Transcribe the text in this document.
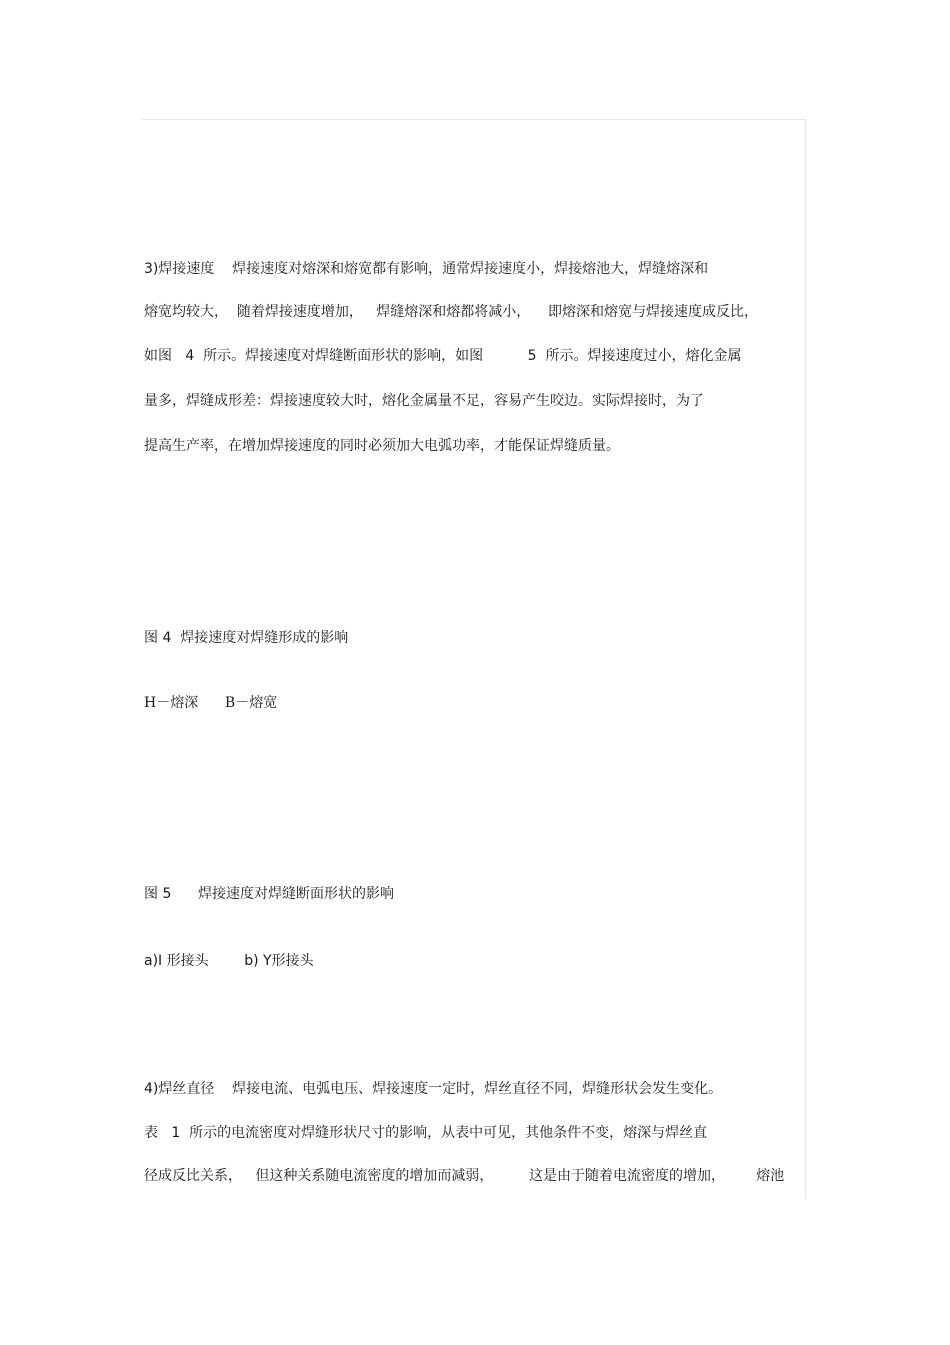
3)焊接速度    焊接速度对熔深和熔宽都有影响，通常焊接速度小，焊接熔池大，焊缝熔深和

熔宽均较大，  随着焊接速度增加，   焊缝熔深和熔都将减小，    即熔深和熔宽与焊接速度成反比，

如图   4  所示。焊接速度对焊缝断面形状的影响，如图          5  所示。焊接速度过小，熔化金属

量多，焊缝成形差：焊接速度较大时，熔化金属量不足，容易产生咬边。实际焊接时，为了

提高生产率，在增加焊接速度的同时必须加大电弧功率，才能保证焊缝质量。

图 4  焊接速度对焊缝形成的影响

H－熔深      B－熔宽

图 5      焊接速度对焊缝断面形状的影响

a)I 形接头        b) Y形接头

4)焊丝直径    焊接电流、电弧电压、焊接速度一定时，焊丝直径不同，焊缝形状会发生变化。

表   1  所示的电流密度对焊缝形状尺寸的影响，从表中可见，其他条件不变，熔深与焊丝直

径成反比关系，   但这种关系随电流密度的增加而减弱，        这是由于随着电流密度的增加，       熔池
